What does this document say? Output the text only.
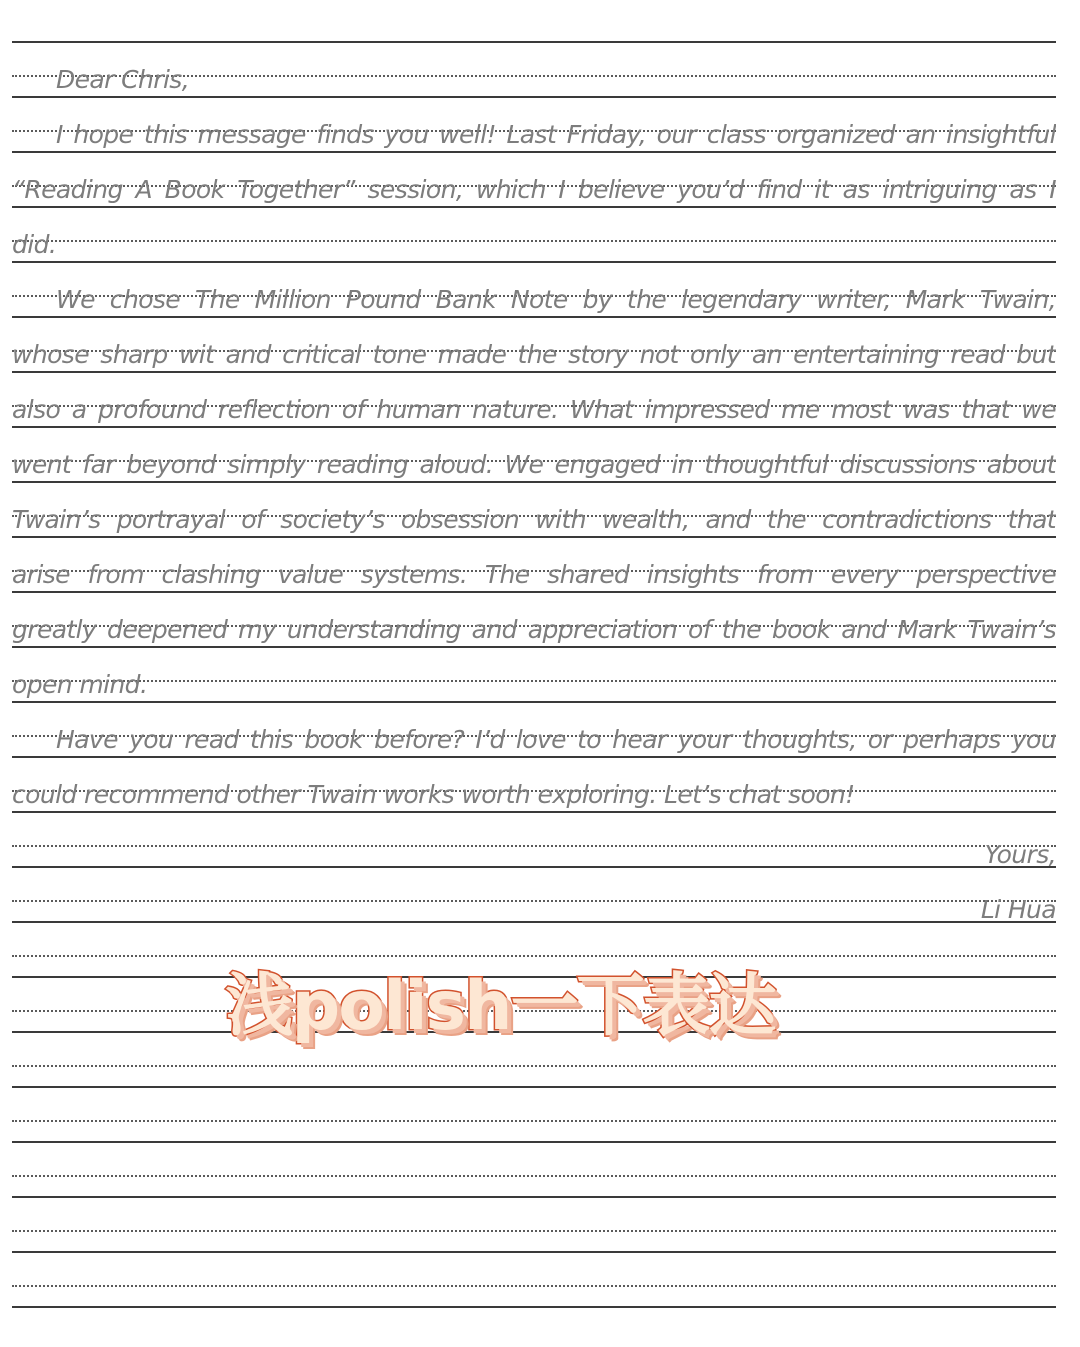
Dear Chris,
I hope this message finds you well! Last Friday, our class organized an insightful
“Reading A Book Together” session, which I believe you’d find it as intriguing as I
did.
We chose The Million Pound Bank Note by the legendary writer, Mark Twain,
whose sharp wit and critical tone made the story not only an entertaining read but
also a profound reflection of human nature. What impressed me most was that we
went far beyond simply reading aloud. We engaged in thoughtful discussions about
Twain’s portrayal of society’s obsession with wealth, and the contradictions that
arise from clashing value systems. The shared insights from every perspective
greatly deepened my understanding and appreciation of the book and Mark Twain’s
open mind.
Have you read this book before? I’d love to hear your thoughts, or perhaps you
could recommend other Twain works worth exploring. Let’s chat soon!
Yours,
Li Hua
浅polish一下表达
